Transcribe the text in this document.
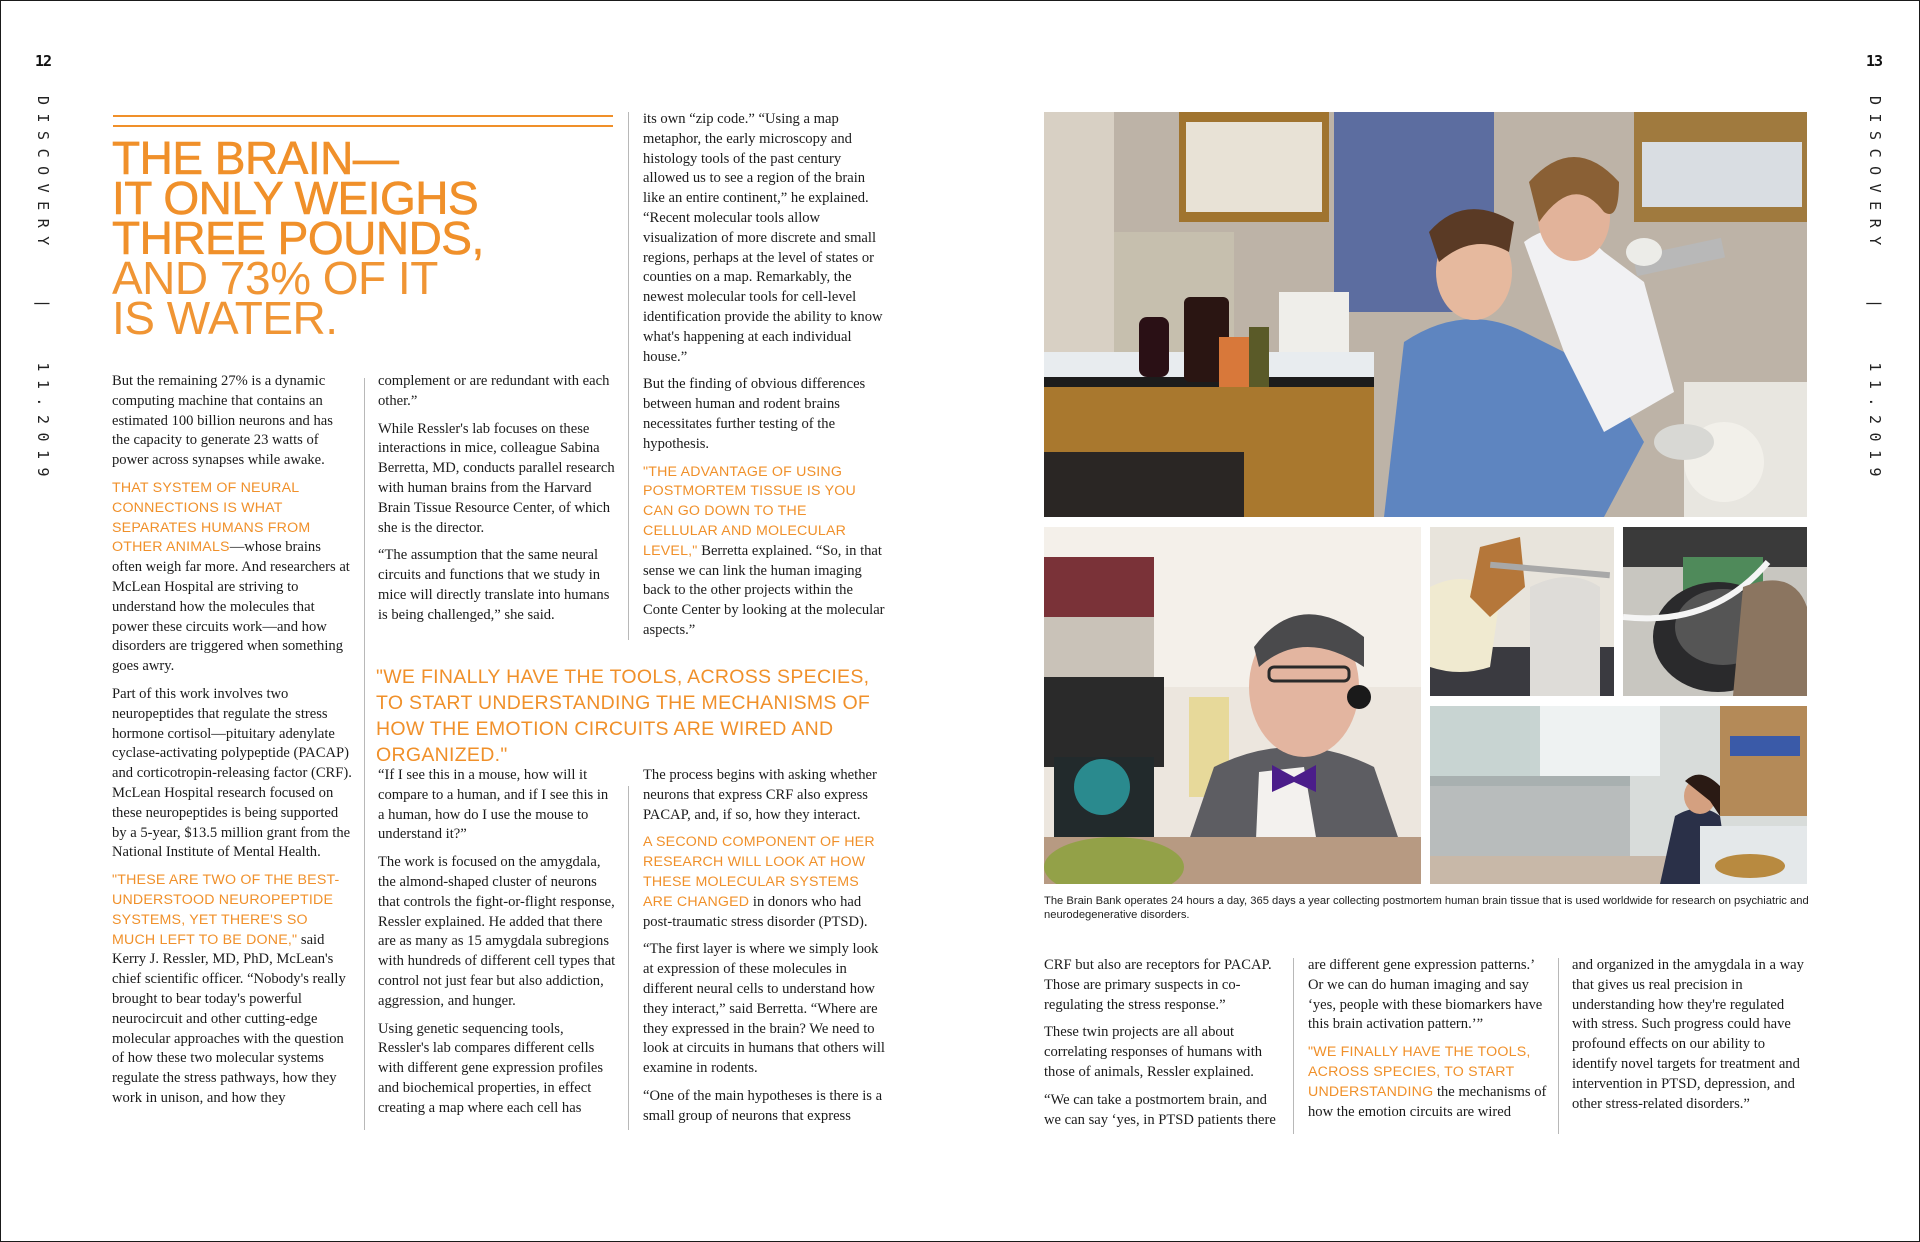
12
DISCOVERY | 11.2019
THE BRAIN—
IT ONLY WEIGHS
THREE POUNDS,
AND 73% OF IT
IS WATER.

But the remaining 27% is a dynamic computing machine that contains an estimated 100 billion neurons and has the capacity to generate 23 watts of power across synapses while awake.

THAT SYSTEM OF NEURAL CONNECTIONS IS WHAT SEPARATES HUMANS FROM OTHER ANIMALS—whose brains often weigh far more. And researchers at McLean Hospital are striving to understand how the molecules that power these circuits work—and how disorders are triggered when something goes awry.

Part of this work involves two neuropeptides that regulate the stress hormone cortisol—pituitary adenylate cyclase-activating polypeptide (PACAP) and corticotropin-releasing factor (CRF). McLean Hospital research focused on these neuropeptides is being supported by a 5-year, $13.5 million grant from the National Institute of Mental Health.

"THESE ARE TWO OF THE BEST-UNDERSTOOD NEUROPEPTIDE SYSTEMS, YET THERE'S SO MUCH LEFT TO BE DONE," said Kerry J. Ressler, MD, PhD, McLean's chief scientific officer. “Nobody's really brought to bear today's powerful neurocircuit and other cutting-edge molecular approaches with the question of how these two molecular systems regulate the stress pathways, how they work in unison, and how they

complement or are redundant with each other.”

While Ressler's lab focuses on these interactions in mice, colleague Sabina Berretta, MD, conducts parallel research with human brains from the Harvard Brain Tissue Resource Center, of which she is the director.

“The assumption that the same neural circuits and functions that we study in mice will directly translate into humans is being challenged,” she said.

its own “zip code.” “Using a map metaphor, the early microscopy and histology tools of the past century allowed us to see a region of the brain like an entire continent,” he explained. “Recent molecular tools allow visualization of more discrete and small regions, perhaps at the level of states or counties on a map. Remarkably, the newest molecular tools for cell-level identification provide the ability to know what's happening at each individual house.”

But the finding of obvious differences between human and rodent brains necessitates further testing of the hypothesis.

"THE ADVANTAGE OF USING POSTMORTEM TISSUE IS YOU CAN GO DOWN TO THE CELLULAR AND MOLECULAR LEVEL," Berretta explained. “So, in that sense we can link the human imaging back to the other projects within the Conte Center by looking at the molecular aspects.”

"WE FINALLY HAVE THE TOOLS, ACROSS SPECIES, TO START UNDERSTANDING THE MECHANISMS OF HOW THE EMOTION CIRCUITS ARE WIRED AND ORGANIZED."

“If I see this in a mouse, how will it compare to a human, and if I see this in a human, how do I use the mouse to understand it?”

The work is focused on the amygdala, the almond-shaped cluster of neurons that controls the fight-or-flight response, Ressler explained. He added that there are as many as 15 amygdala subregions with hundreds of different cell types that control not just fear but also addiction, aggression, and hunger.

Using genetic sequencing tools, Ressler's lab compares different cells with different gene expression profiles and biochemical properties, in effect creating a map where each cell has

The process begins with asking whether neurons that express CRF also express PACAP, and, if so, how they interact.

A SECOND COMPONENT OF HER RESEARCH WILL LOOK AT HOW THESE MOLECULAR SYSTEMS ARE CHANGED in donors who had post-traumatic stress disorder (PTSD).

“The first layer is where we simply look at expression of these molecules in different neural cells to understand how they interact,” said Berretta. “Where are they expressed in the brain? We need to look at circuits in humans that others will examine in rodents.

“One of the main hypotheses is there is a small group of neurons that express

13
DISCOVERY | 11.2019
The Brain Bank operates 24 hours a day, 365 days a year collecting postmortem human brain tissue that is used worldwide for research on psychiatric and neurodegenerative disorders.

CRF but also are receptors for PACAP. Those are primary suspects in co-regulating the stress response.”

These twin projects are all about correlating responses of humans with those of animals, Ressler explained.

“We can take a postmortem brain, and we can say ‘yes, in PTSD patients there

are different gene expression patterns.’ Or we can do human imaging and say ‘yes, people with these biomarkers have this brain activation pattern.’”

"WE FINALLY HAVE THE TOOLS, ACROSS SPECIES, TO START UNDERSTANDING the mechanisms of how the emotion circuits are wired

and organized in the amygdala in a way that gives us real precision in understanding how they're regulated with stress. Such progress could have profound effects on our ability to identify novel targets for treatment and intervention in PTSD, depression, and other stress-related disorders.”
